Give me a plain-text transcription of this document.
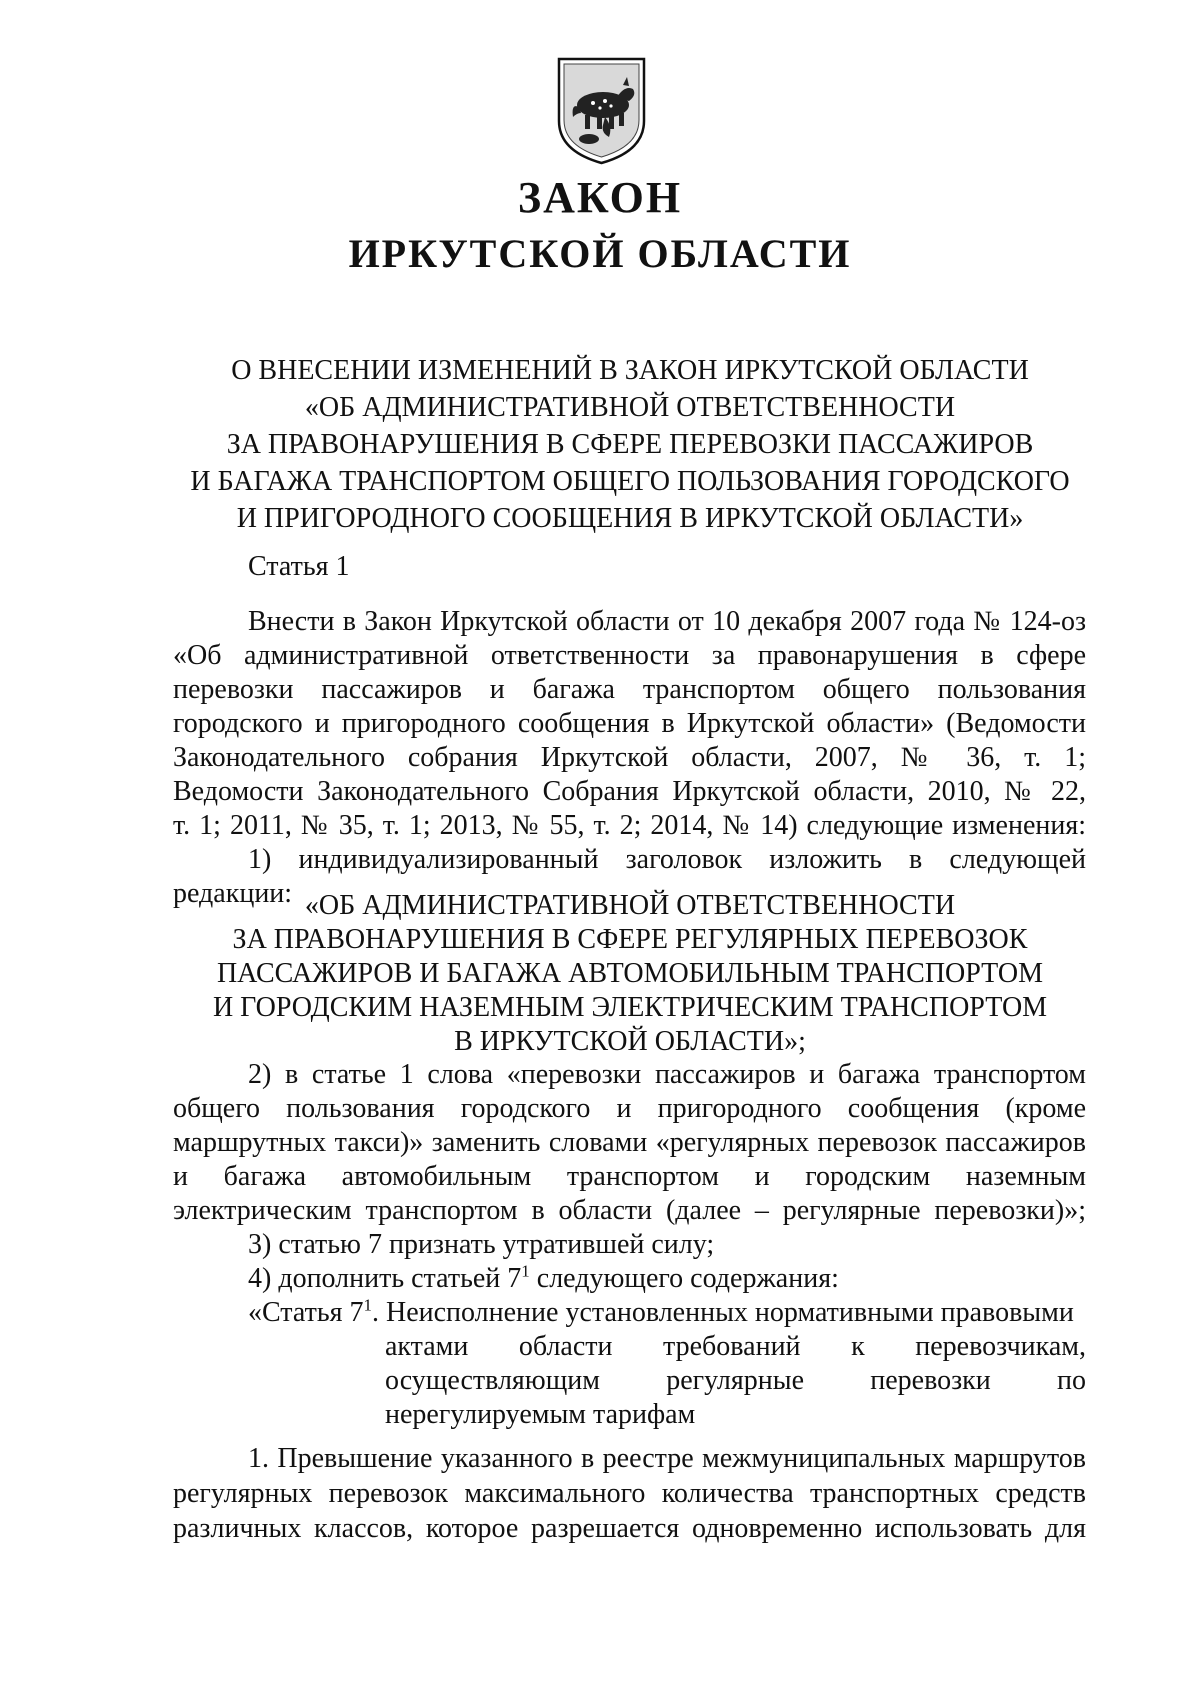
ЗАКОН
ИРКУТСКОЙ ОБЛАСТИ
О ВНЕСЕНИИ ИЗМЕНЕНИЙ В ЗАКОН ИРКУТСКОЙ ОБЛАСТИ
«ОБ АДМИНИСТРАТИВНОЙ ОТВЕТСТВЕННОСТИ
ЗА ПРАВОНАРУШЕНИЯ В СФЕРЕ ПЕРЕВОЗКИ ПАССАЖИРОВ
И БАГАЖА ТРАНСПОРТОМ ОБЩЕГО ПОЛЬЗОВАНИЯ ГОРОДСКОГО
И ПРИГОРОДНОГО СООБЩЕНИЯ В ИРКУТСКОЙ ОБЛАСТИ»
Статья 1
Внести в Закон Иркутской области от 10 декабря 2007 года № 124-оз
«Об административной ответственности за правонарушения в сфере
перевозки пассажиров и багажа транспортом общего пользования
городского и пригородного сообщения в Иркутской области» (Ведомости
Законодательного собрания Иркутской области, 2007, № 36, т. 1;
Ведомости Законодательного Собрания Иркутской области, 2010, № 22,
т. 1; 2011, № 35, т. 1; 2013, № 55, т. 2; 2014, № 14) следующие изменения:
1) индивидуализированный заголовок изложить в следующей
редакции: «ОБ АДМИНИСТРАТИВНОЙ ОТВЕТСТВЕННОСТИ
ЗА ПРАВОНАРУШЕНИЯ В СФЕРЕ РЕГУЛЯРНЫХ ПЕРЕВОЗОК
ПАССАЖИРОВ И БАГАЖА АВТОМОБИЛЬНЫМ ТРАНСПОРТОМ
И ГОРОДСКИМ НАЗЕМНЫМ ЭЛЕКТРИЧЕСКИМ ТРАНСПОРТОМ
В ИРКУТСКОЙ ОБЛАСТИ»;
2) в статье 1 слова «перевозки пассажиров и багажа транспортом
общего пользования городского и пригородного сообщения (кроме
маршрутных такси)» заменить словами «регулярных перевозок пассажиров
и багажа автомобильным транспортом и городским наземным
электрическим транспортом в области (далее – регулярные перевозки)»;
3) статью 7 признать утратившей силу;
4) дополнить статьей $7^1$ следующего содержания:
«Статья $7^1$. Неисполнение установленных нормативными правовыми
актами области требований к перевозчикам,
осуществляющим регулярные перевозки по
нерегулируемым тарифам
1. Превышение указанного в реестре межмуниципальных маршрутов
регулярных перевозок максимального количества транспортных средств
различных классов, которое разрешается одновременно использовать для
